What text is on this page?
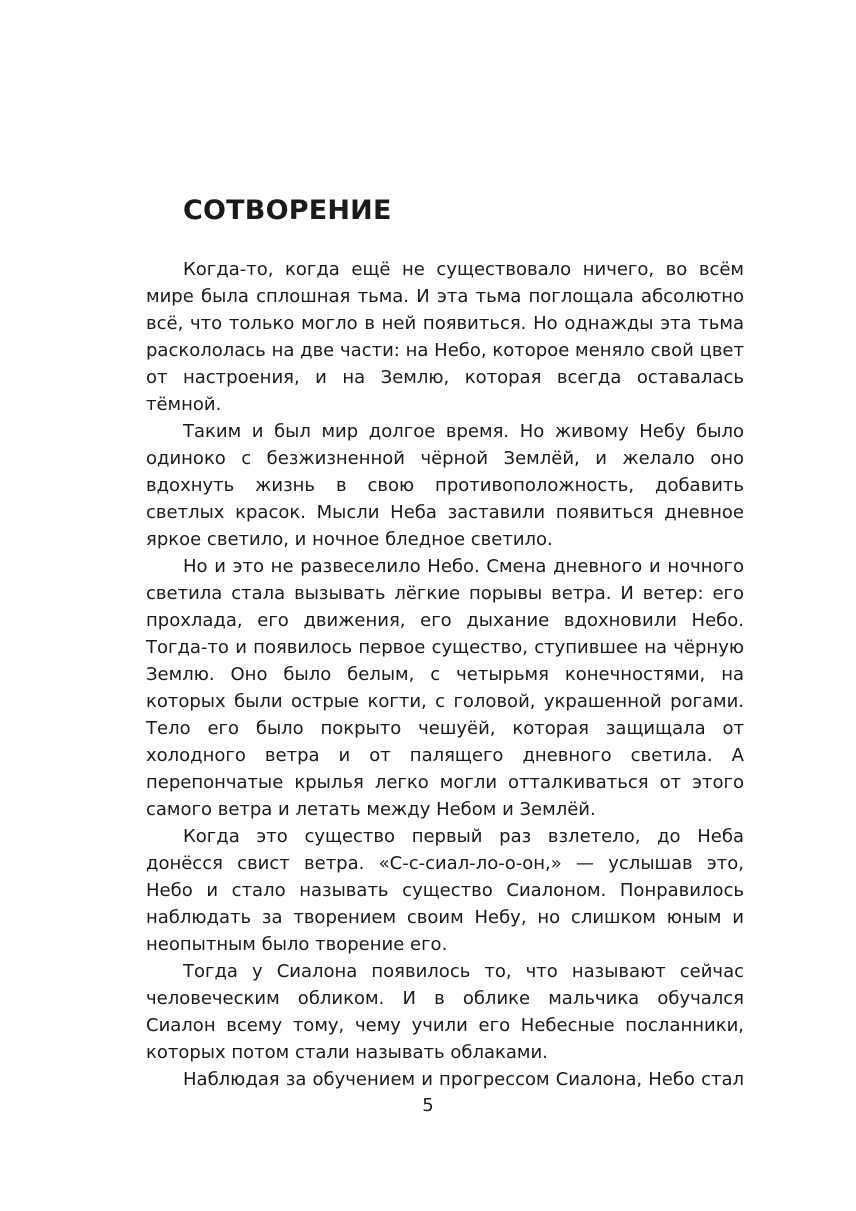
СОТВОРЕНИЕ

Когда-то, когда ещё не существовало ничего, во всём мире была сплошная тьма. И эта тьма поглощала абсолютно всё, что только могло в ней появиться. Но однажды эта тьма раскололась на две части: на Небо, которое меняло свой цвет от настроения, и на Землю, которая всегда оставалась тёмной.

Таким и был мир долгое время. Но живому Небу было одиноко с безжизненной чёрной Землёй, и желало оно вдохнуть жизнь в свою противоположность, добавить светлых красок. Мысли Неба заставили появиться дневное яркое светило, и ночное бледное светило.

Но и это не развеселило Небо. Смена дневного и ночного светила стала вызывать лёгкие порывы ветра. И ветер: его прохлада, его движения, его дыхание вдохновили Небо. Тогда-то и появилось первое существо, ступившее на чёрную Землю. Оно было белым, с четырьмя конечностями, на которых были острые когти, с головой, украшенной рогами. Тело его было покрыто чешуёй, которая защищала от холодного ветра и от палящего дневного светила. А перепончатые крылья легко могли отталкиваться от этого самого ветра и летать между Небом и Землёй.

Когда это существо первый раз взлетело, до Неба донёсся свист ветра. «С-с-сиал-ло-о-он,» — услышав это, Небо и стало называть существо Сиалоном. Понравилось наблюдать за творением своим Небу, но слишком юным и неопытным было творение его.

Тогда у Сиалона появилось то, что называют сейчас человеческим обликом. И в облике мальчика обучался Сиалон всему тому, чему учили его Небесные посланники, которых потом стали называть облаками.

Наблюдая за обучением и прогрессом Сиалона, Небо стал

5
